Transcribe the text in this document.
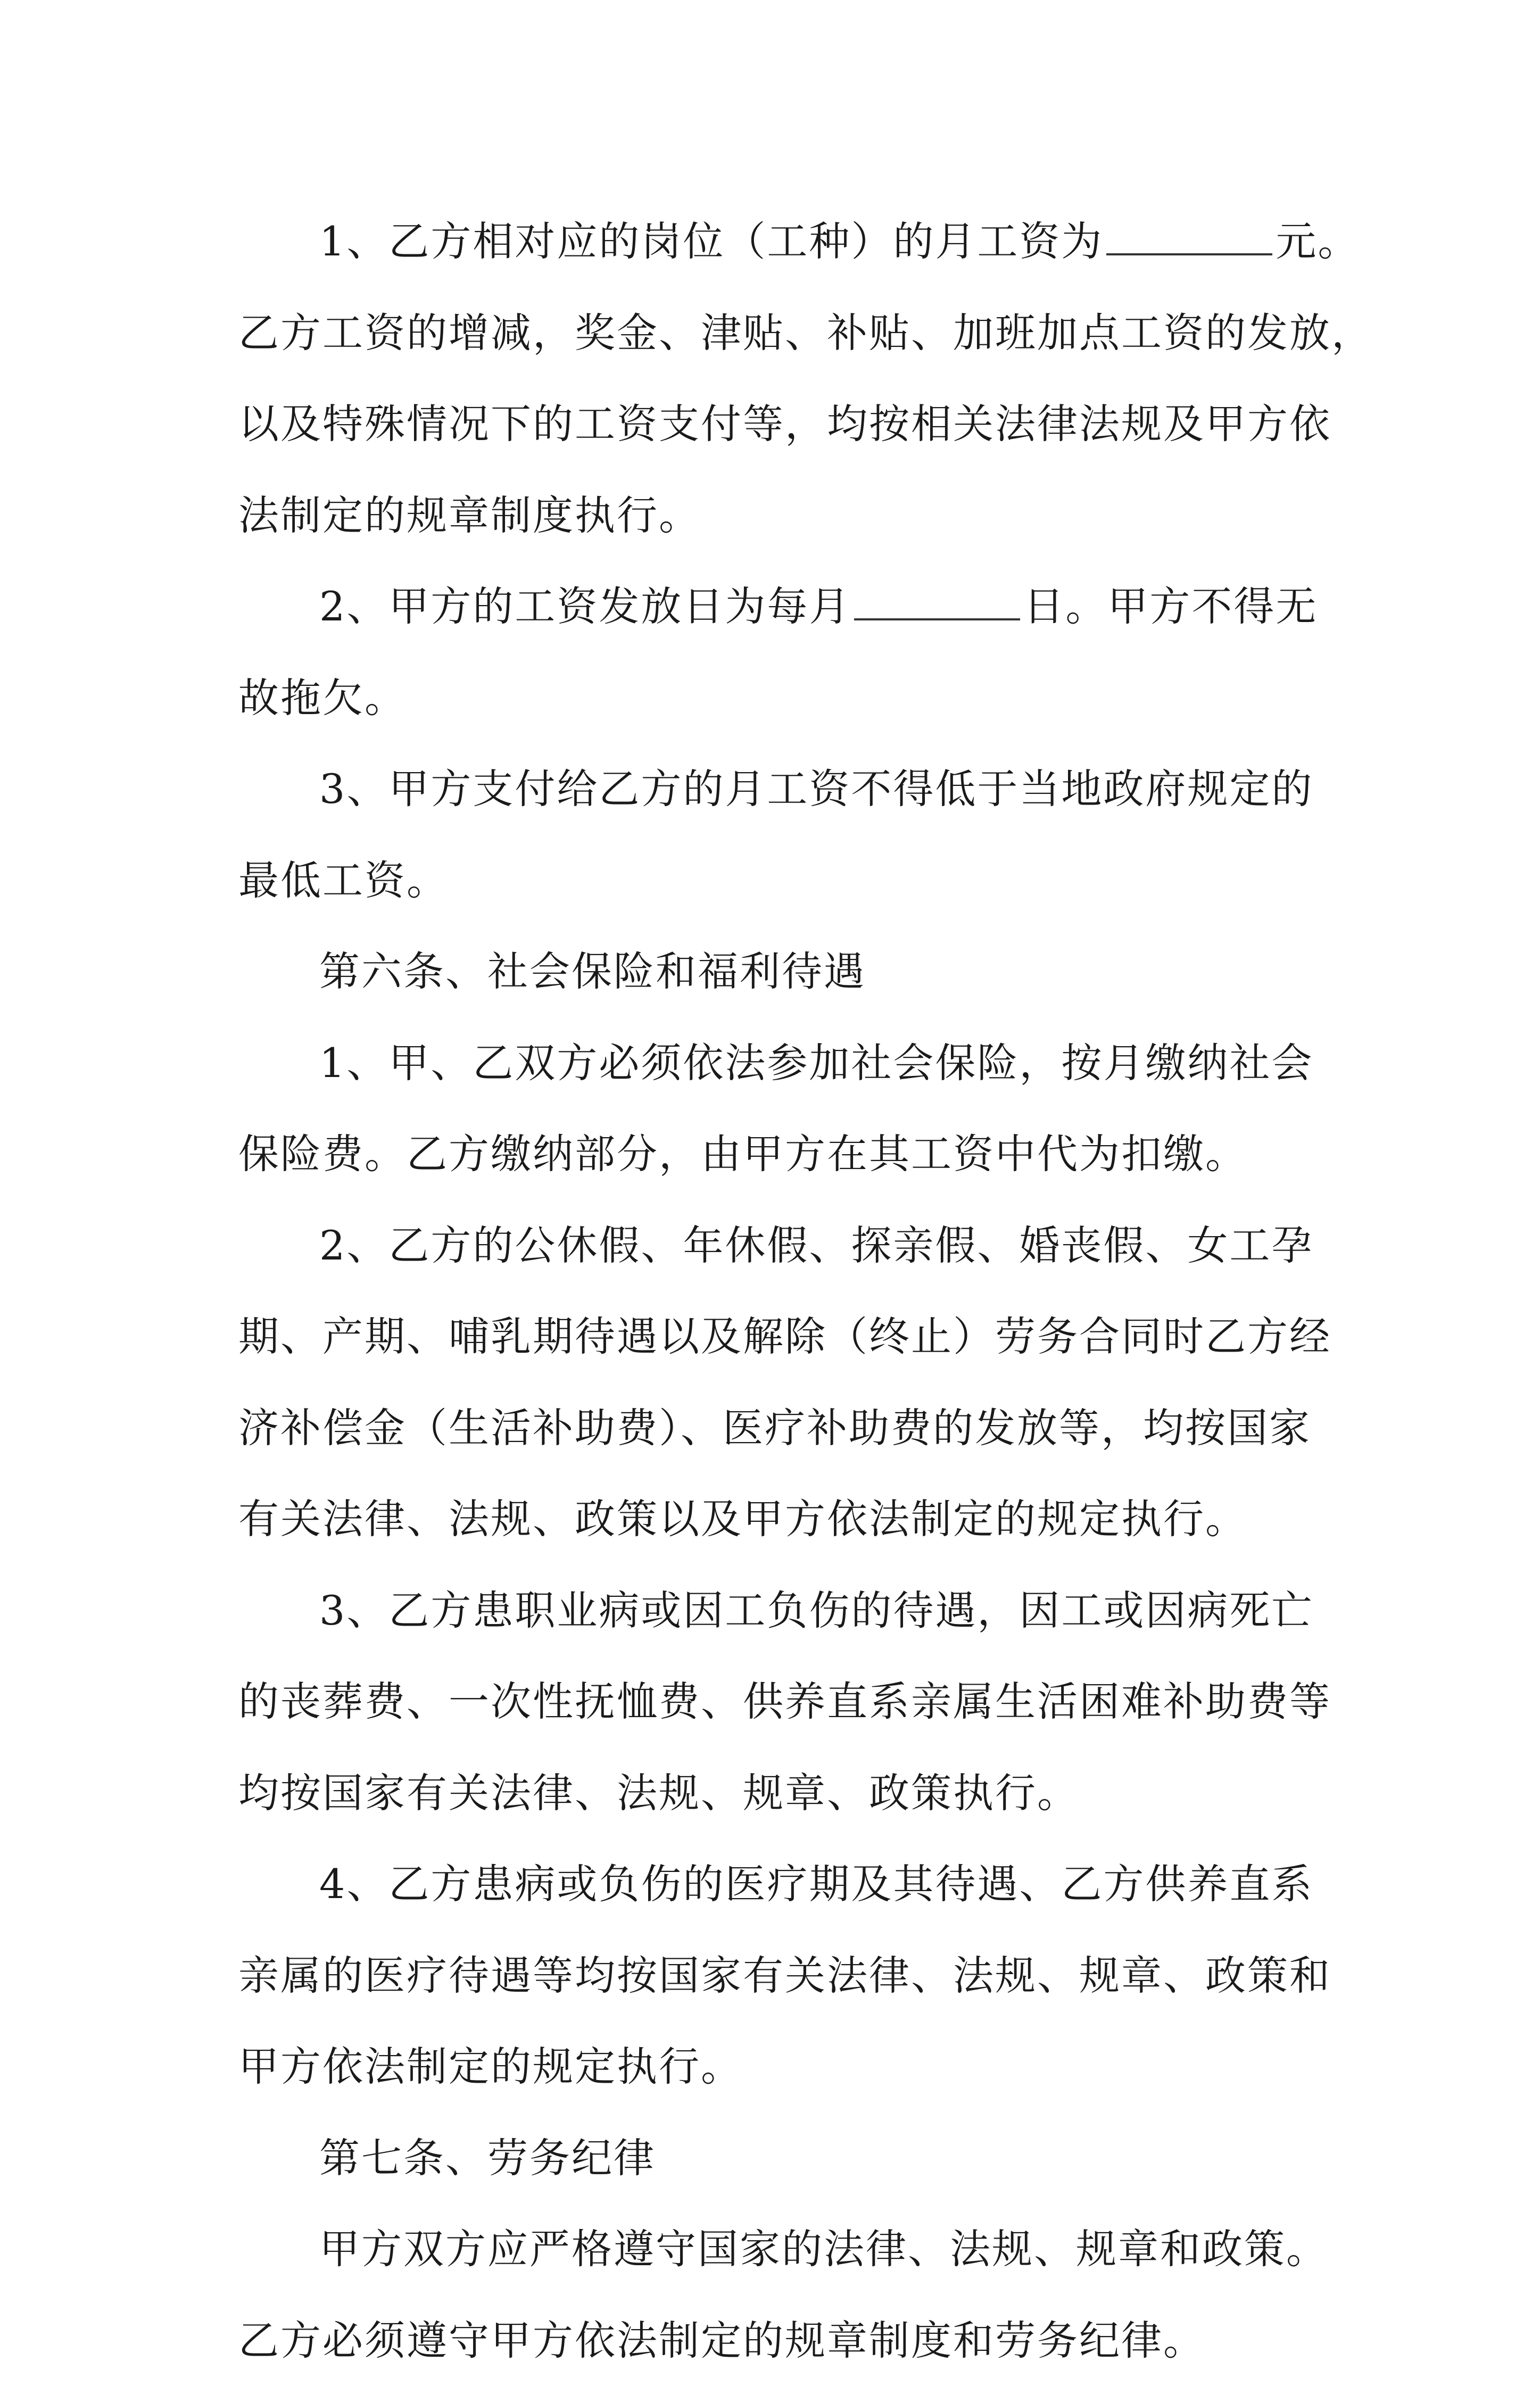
1、乙方相对应的岗位（工种）的月工资为	元。
乙方工资的增减，奖金、津贴、补贴、加班加点工资的发放，
以及特殊情况下的工资支付等，均按相关法律法规及甲方依
法制定的规章制度执行。

2、甲方的工资发放日为每月	日。甲方不得无
故拖欠。

3、甲方支付给乙方的月工资不得低于当地政府规定的
最低工资。

第六条、社会保险和福利待遇

1、甲、乙双方必须依法参加社会保险，按月缴纳社会
保险费。乙方缴纳部分，由甲方在其工资中代为扣缴。

2、乙方的公休假、年休假、探亲假、婚丧假、女工孕
期、产期、哺乳期待遇以及解除（终止）劳务合同时乙方经
济补偿金（生活补助费）、医疗补助费的发放等，均按国家
有关法律、法规、政策以及甲方依法制定的规定执行。

3、乙方患职业病或因工负伤的待遇，因工或因病死亡
的丧葬费、一次性抚恤费、供养直系亲属生活困难补助费等
均按国家有关法律、法规、规章、政策执行。

4、乙方患病或负伤的医疗期及其待遇、乙方供养直系
亲属的医疗待遇等均按国家有关法律、法规、规章、政策和
甲方依法制定的规定执行。

第七条、劳务纪律

甲方双方应严格遵守国家的法律、法规、规章和政策。
乙方必须遵守甲方依法制定的规章制度和劳务纪律。
